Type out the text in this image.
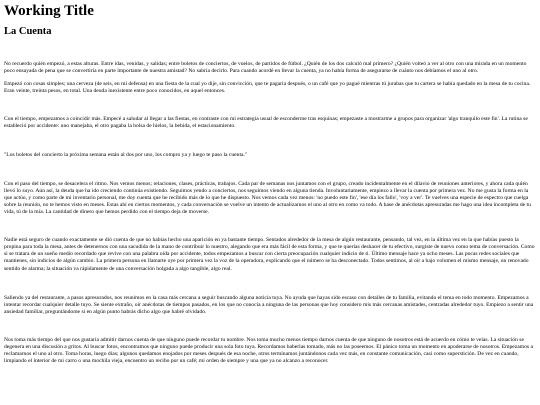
Working Title
La Cuenta

No recuerdo quién empezó, a estas alturas. Entre idas, venidas, y salidas; entre boletos de conciertos, de vuelos, de partidos de fútbol. ¿Quién de los dos calculó mal primero? ¿Quién volteó a ver al otro con una mirada en un momento poco ensayada de pena que se convertiría en parte importante de nuestra amistad? No sabría decirlo. Para cuando acordé en llevar la cuenta, ya no había forma de asegurarse de cuánto nos debíamos el uno al otro.

Empezó con cosas simples; una cerveza (de seis, en mi defensa) en una fiesta de la cual yo dije, sin convicción, que te pagaría después, o un café que yo pagué mientras tú jurabas que tu cartera se había quedado en la mesa de tu cocina. Eran veinte, treinta pesos, en total. Una deuda inexistente entre poco conocidos, en aquel entonces.

Con el tiempo, empezamos a coincidir más. Empecé a saludar al llegar a las fiestas, en contraste con mi estrategia usual de esconderme tras esquinas; empezaste a mostrarme a grupos para organizar 'algo tranquilo este fin'. La rutina se estableció por accidente: uno manejaba, el otro pagaba la bolsa de hielos, la bebida, el estacionamiento.

"Los boletos del concierto la próxima semana están al dos por uno, los compro ya y luego te paso la cuenta."

Con el paso del tiempo, se desacelera el ritmo. Nos vemos menos; relaciones, clases, prácticas, trabajos. Cada par de semanas nos juntamos con el grupo, creado incidentalmente en el dilavio de reuniones anteriores, y ahora cada quién llevó lo suyo. Aún así, la deuda que ha ido creciendo continúa existiendo. Seguimos yendo a conciertos, nos seguimos viendo en alguna tienda. Involuntariamente, empiezo a llevar la cuenta por primera vez. No me gusta la forma en la que actúo, y como parte de mi inventario personal, me doy cuenta que he recibido más de lo que he dispuesto. Nos vemos cada vez menos: 'no puedo este fin', 'ese día los fallo', 'voy a ver'. Te vuelves una especie de espectro que cuelga sobre la reunión, no te hemos visto en meses. Estas ahí en ciertos momentos, y cada conversación se vuelve un intento de actualizarnos el uno al otro en como va todo. A base de anécdotas apresuradas me hago una idea incompleta de tu vida, tú de la mía. La cantidad de dinero que hemos perdido con el tiempo deja de moverse.

Nadie está seguro de cuando exactamente se dió cuenta de que no habías hecho una aparición en ya bastante tiempo. Sentados alrededor de la mesa de algún restaurante, pensando, tal vez, en la última vez en la que habías puesto la propina para toda la mesa, antes de detenernos con una sacudida de la mano de contribuir lo nuestro, alegando que era más fácil de esta forma, y que te querías deshacer de tu efectivo, surgiste de nuevo como tema de conversación. Como si se tratara de un sueño medio recordado que revive con una palabra oída por accidente, todos empezamos a buscar con cierta preocupación cualquier indicio de ti. Último mensaje hace ya ocho meses. Las pocas redes sociales que mantienes, sin indicios de algún cambio. La primera persona en llamarte oye por primera vez la voz de la operadora, explicando que el número se ha desconectado. Todos sentimos, al oír a bajo volumen el mismo mensaje, un renovado sentido de alarma; la situación va rápidamente de una conversación holgada a algo tangible, algo real.

Saliendo ya del restaurante, a pasos apresurados, nos reunimos en la casa más cercana a seguir buscando alguna noticia tuya. No ayuda que hayas sido escaso con detalles de tu familia, evitando el tema en todo momento. Empezamos a intentar recordar cualquier detalle tuyo. Se siente extraño, oír anécdotas de tiempos pasados, en los que no conocía a ninguna de las personas que hoy considero mis más cercanas amistades, centradas alrededor tuyo. Empiezo a sentir una ansiedad familiar, preguntándome si en algún punto habrás dicho algo que habré olvidado.

Nos toma más tiempo del que nos gustaría admitir darnos cuenta de que ninguno puede recordar tu nombre. Nos toma mucho menos tiempo darnos cuenta de que ninguno de nosotros está de acuerdo en cómo te veías. La situación se degenera en una discusión a gritos. Al buscar fotos, encontramos que ninguno puede producir una sola foto tuya. Recordamos haberlas tomado, más no las poseemos. El pánico toma un momento en apoderarse de nosotros. Empezamos a reclamarnos el uno al otro. Toma horas, luego días; algunos quedamos enojados por meses después de esa noche, otros terminamos juntándonos cada vez más, en constante comunicación, casi como superstición. De vez en cuando, limpiando el interior de mi carro o una mochila vieja, encuentro un recibo por un café; mi orden de siempre y una que ya no alcanzo a reconocer.
